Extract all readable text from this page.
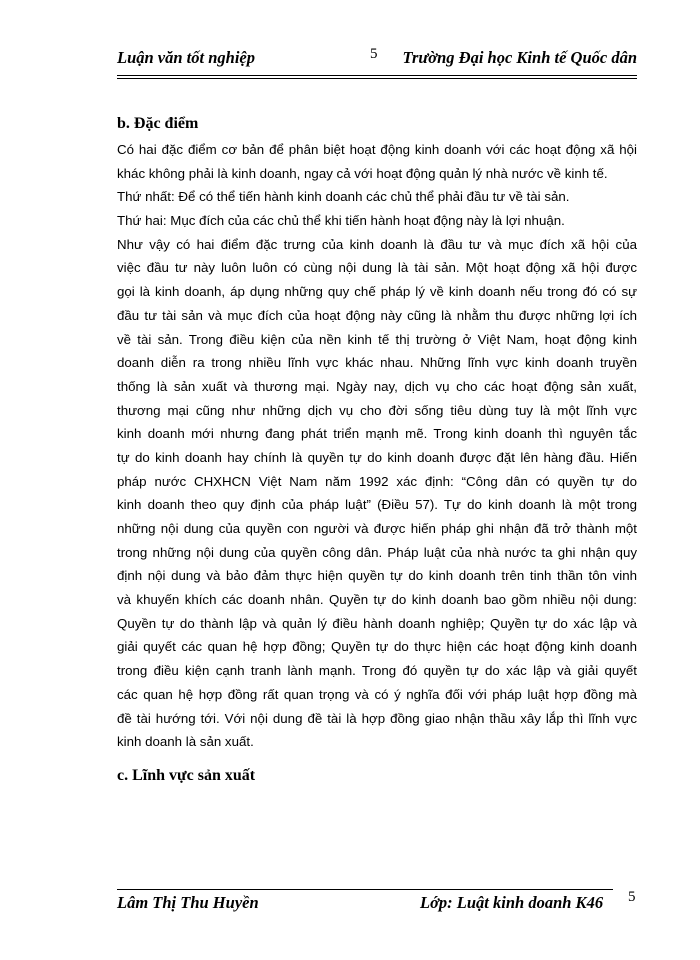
Luận văn tốt nghiệp	5 Trường Đại học Kinh tế Quốc dân
b. Đặc điểm
Có hai đặc điểm cơ bản để phân biệt hoạt động kinh doanh với các hoạt động xã hội
khác không phải là kinh doanh, ngay cả với hoạt động quản lý nhà nước về kinh tế.
Thứ nhất: Để có thể tiến hành kinh doanh các chủ thể phải đầu tư về tài sản.
Thứ hai: Mục đích của các chủ thể khi tiến hành hoạt động này là lợi nhuận.
Như vậy có hai điểm đặc trưng của kinh doanh là đầu tư và mục đích xã hội của
việc đầu tư này luôn luôn có cùng nội dung là tài sản. Một hoạt động xã hội được
gọi là kinh doanh, áp dụng những quy chế pháp lý về kinh doanh nếu trong đó có sự
đầu tư tài sản và mục đích của hoạt động này cũng là nhằm thu được những lợi ích
về tài sản. Trong điều kiện của nền kinh tế thị trường ở Việt Nam, hoạt động kinh
doanh diễn ra trong nhiều lĩnh vực khác nhau. Những lĩnh vực kinh doanh truyền
thống là sản xuất và thương mại. Ngày nay, dịch vụ cho các hoạt động sản xuất,
thương mại cũng như những dịch vụ cho đời sống tiêu dùng tuy là một lĩnh vực
kinh doanh mới nhưng đang phát triển mạnh mẽ. Trong kinh doanh thì nguyên tắc
tự do kinh doanh hay chính là quyền tự do kinh doanh được đặt lên hàng đầu. Hiến
pháp nước CHXHCN Việt Nam năm 1992 xác định: “Công dân có quyền tự do
kinh doanh theo quy định của pháp luật” (Điều 57). Tự do kinh doanh là một trong
những nội dung của quyền con người và được hiến pháp ghi nhận đã trở thành một
trong những nội dung của quyền công dân. Pháp luật của nhà nước ta ghi nhận quy
định nội dung và bảo đảm thực hiện quyền tự do kinh doanh trên tinh thần tôn vinh
và khuyến khích các doanh nhân. Quyền tự do kinh doanh bao gồm nhiều nội dung:
Quyền tự do thành lập và quản lý điều hành doanh nghiệp; Quyền tự do xác lập và
giải quyết các quan hệ hợp đồng; Quyền tự do thực hiện các hoạt động kinh doanh
trong điều kiện cạnh tranh lành mạnh. Trong đó quyền tự do xác lập và giải quyết
các quan hệ hợp đồng rất quan trọng và có ý nghĩa đối với pháp luật hợp đồng mà
đề tài hướng tới. Với nội dung đề tài là hợp đồng giao nhận thầu xây lắp thì lĩnh vực
kinh doanh là sản xuất.
c. Lĩnh vực sản xuất
Lâm Thị Thu Huyền	Lớp: Luật kinh doanh K46 5
